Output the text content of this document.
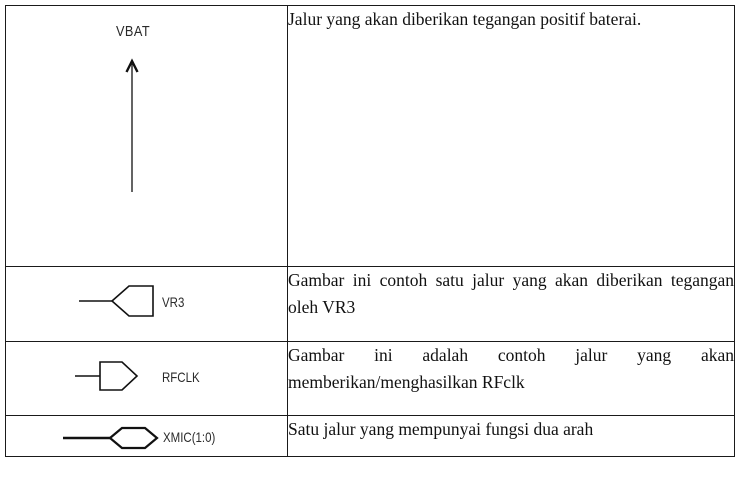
VBAT	Jalur yang akan diberikan tegangan positif baterai.

VR3	Gambar ini contoh satu jalur yang akan diberikan tegangan oleh VR3

RFCLK	Gambar ini adalah contoh jalur yang akan memberikan/menghasilkan RFclk

XMIC(1:0)	Satu jalur yang mempunyai fungsi dua arah
